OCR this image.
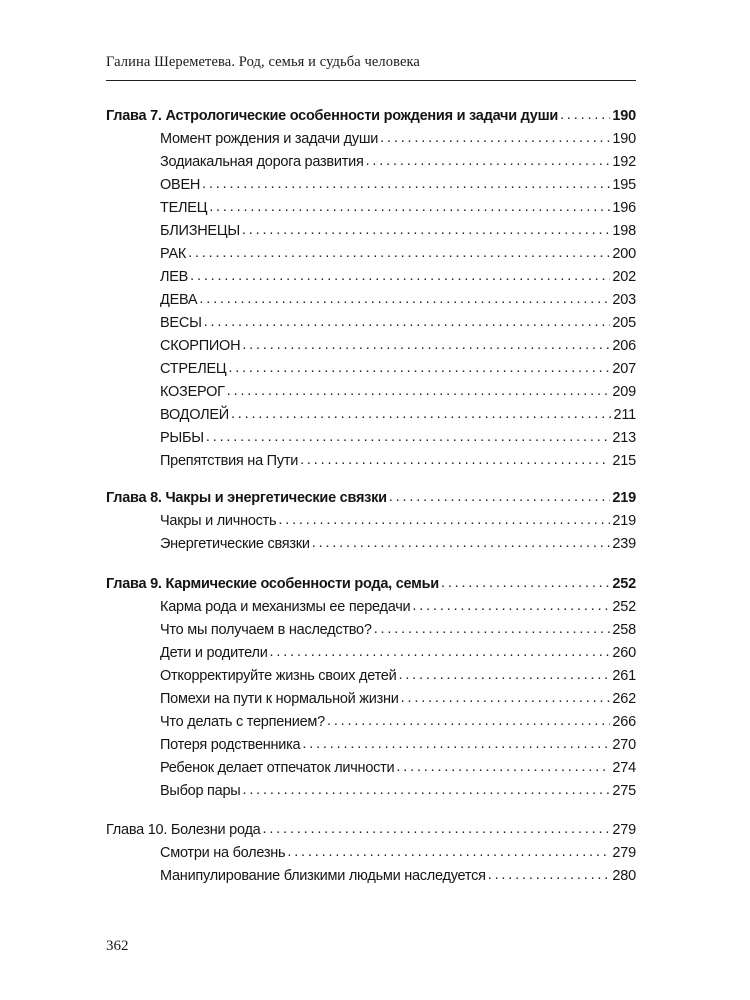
Галина Шереметева. Род, семья и судьба человека
Глава 7. Астрологические особенности рождения и задачи души . . .	190
Момент рождения и задачи души . . .	190
Зодиакальная дорога развития . . .	192
ОВЕН . . .	195
ТЕЛЕЦ . . .	196
БЛИЗНЕЦЫ . . .	198
РАК . . .	200
ЛЕВ . . .	202
ДЕВА . . .	203
ВЕСЫ . . .	205
СКОРПИОН . . .	206
СТРЕЛЕЦ . . .	207
КОЗЕРОГ . . .	209
ВОДОЛЕЙ . . .	211
РЫБЫ . . .	213
Препятствия на Пути . . .	215
Глава 8. Чакры и энергетические связки . . .	219
Чакры и личность . . .	219
Энергетические связки . . .	239
Глава 9. Кармические особенности рода, семьи . . .	252
Карма рода и механизмы ее передачи . . .	252
Что мы получаем в наследство? . . .	258
Дети и родители . . .	260
Откорректируйте жизнь своих детей . . .	261
Помехи на пути к нормальной жизни . . .	262
Что делать с терпением? . . .	266
Потеря родственника . . .	270
Ребенок делает отпечаток личности . . .	274
Выбор пары . . .	275
Глава 10. Болезни рода . . .	279
Смотри на болезнь . . .	279
Манипулирование близкими людьми наследуется . . .	280
362
